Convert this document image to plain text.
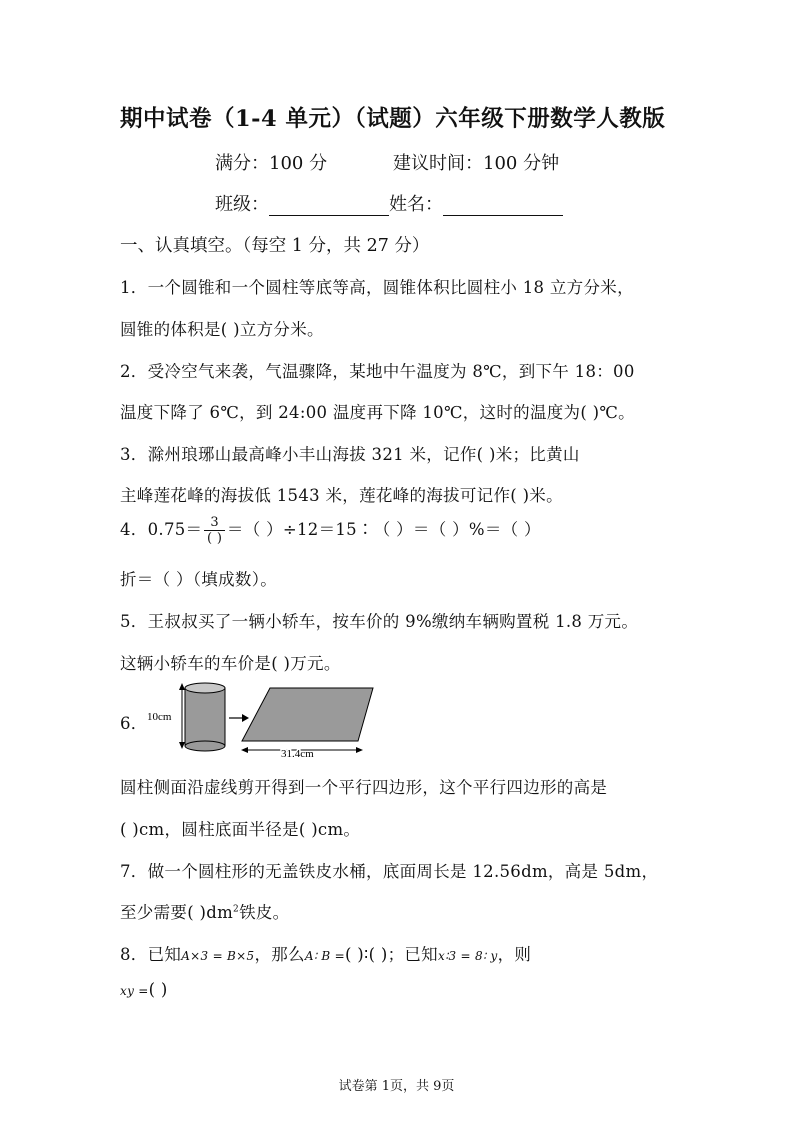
期中试卷（1-4 单元）（试题）六年级下册数学人教版
满分：100 分	建议时间：100 分钟
班级：	姓名：
一、认真填空。（每空 1 分，共 27 分）
1．一个圆锥和一个圆柱等底等高，圆锥体积比圆柱小 18 立方分米，
圆锥的体积是( )立方分米。
2．受冷空气来袭，气温骤降，某地中午温度为 8℃，到下午 18：00
温度下降了 6℃，到 24:00 温度再下降 10℃，这时的温度为( )℃。
3．滁州琅琊山最高峰小丰山海拔 321 米，记作( )米；比黄山
主峰莲花峰的海拔低 1543 米，莲花峰的海拔可记作( )米。
4．$0.75= \frac{3}{( )}$ ＝（ ）÷12＝15∶（ ）＝（ ）%＝（ ）
折＝（ ）（填成数）。
5．王叔叔买了一辆小轿车，按车价的 9%缴纳车辆购置税 1.8 万元。
这辆小轿车的车价是( )万元。
6． 10cm
31.4cm
圆柱侧面沿虚线剪开得到一个平行四边形，这个平行四边形的高是
( )cm，圆柱底面半径是( )cm。
7．做一个圆柱形的无盖铁皮水桶，底面周长是 12.56dm，高是 5dm，
至少需要( )$dm^2$铁皮。
8．已知A×3 = B×5，那么A∶ B =( )∶( )；已知x∶3 = 8∶ y，则
xy =( )
试卷第 1页，共 9页
